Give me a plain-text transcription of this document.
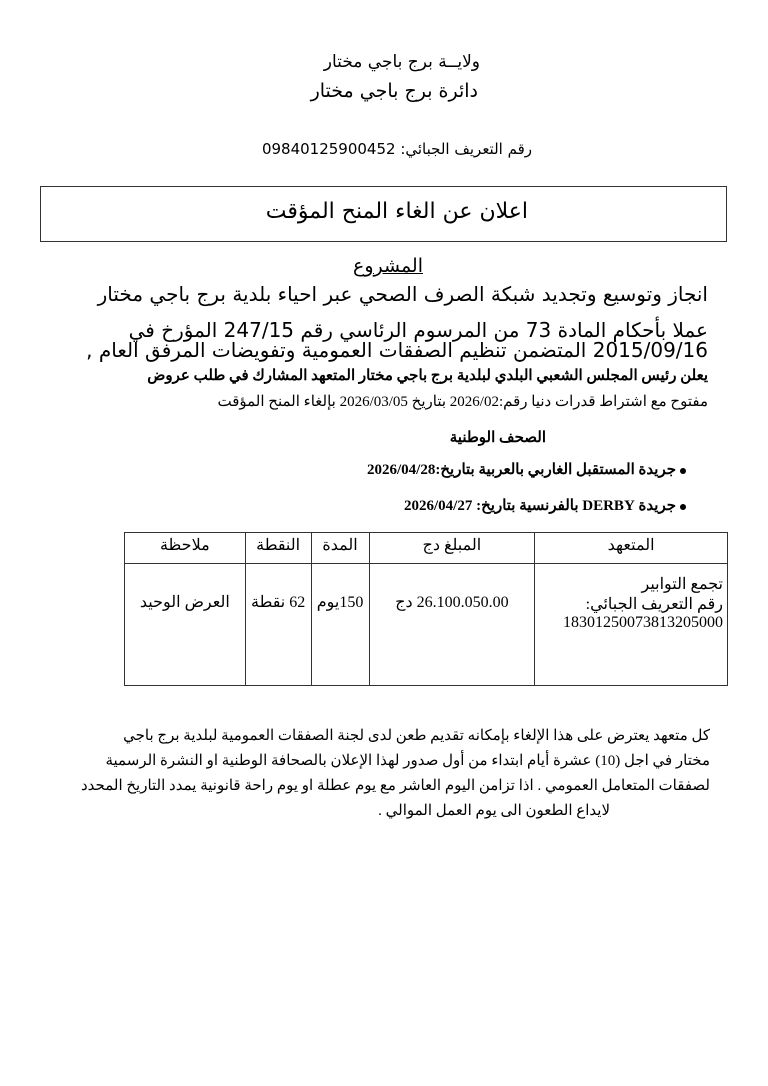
ولايــة برج باجي مختار
دائرة برج باجي مختار
رقم التعريف الجبائي: 09840125900452
اعلان عن الغاء المنح المؤقت
المشروع
انجاز وتوسيع وتجديد شبكة الصرف الصحي عبر احياء بلدية برج باجي مختار
عملا بأحكام المادة 73 من المرسوم الرئاسي رقم 247/15 المؤرخ في
2015/09/16 المتضمن تنظيم الصفقات العمومية وتفويضات المرفق العام ,
يعلن رئيس المجلس الشعبي البلدي لبلدية برج باجي مختار المتعهد المشارك في طلب عروض
مفتوح مع اشتراط قدرات دنيا رقم:2026/02 بتاريخ 2026/03/05 بإلغاء المنح المؤقت
الصحف الوطنية
جريدة المستقبل الغاربي بالعربية بتاريخ:2026/04/28
جريدة DERBY بالفرنسية بتاريخ: 2026/04/27
المتعهد	المبلغ دج	المدة	النقطة	ملاحظة

تجمع التوابير
رقم التعريف الجبائي:
18301250073813205000	26.100.050.00 دج	150يوم	62 نقطة	العرض الوحيد
كل متعهد يعترض على هذا الإلغاء بإمكانه تقديم طعن لدى لجنة الصفقات العمومية لبلدية برج باجي
مختار في اجل (10) عشرة أيام ابتداء من أول صدور لهذا الإعلان بالصحافة الوطنية او النشرة الرسمية
لصفقات المتعامل العمومي . اذا تزامن اليوم العاشر مع يوم عطلة او يوم راحة قانونية يمدد التاريخ المحدد
لايداع الطعون الى يوم العمل الموالي .
